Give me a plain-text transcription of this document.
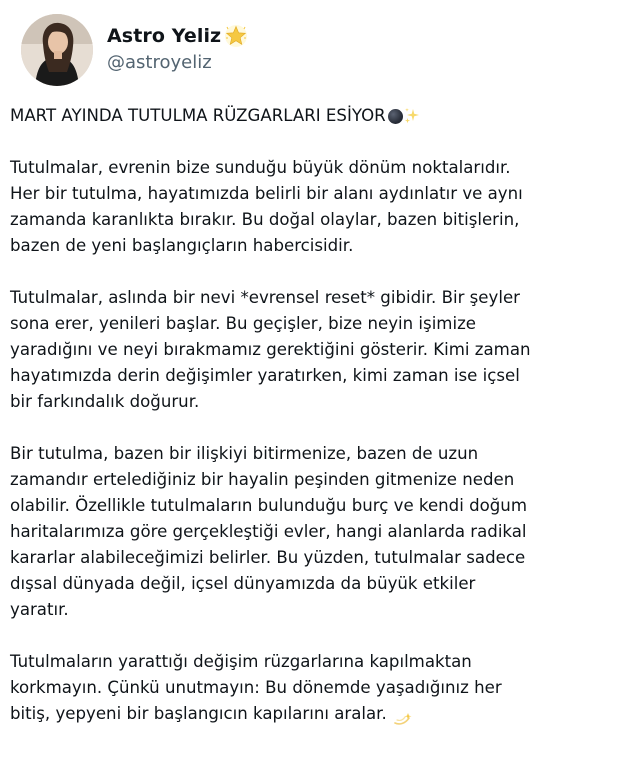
Astro Yeliz
@astroyeliz
MART AYINDA TUTULMA RÜZGARLARI ESİYOR
Tutulmalar, evrenin bize sunduğu büyük dönüm noktalarıdır.
Her bir tutulma, hayatımızda belirli bir alanı aydınlatır ve aynı
zamanda karanlıkta bırakır. Bu doğal olaylar, bazen bitişlerin,
bazen de yeni başlangıçların habercisidir.
Tutulmalar, aslında bir nevi *evrensel reset* gibidir. Bir şeyler
sona erer, yenileri başlar. Bu geçişler, bize neyin işimize
yaradığını ve neyi bırakmamız gerektiğini gösterir. Kimi zaman
hayatımızda derin değişimler yaratırken, kimi zaman ise içsel
bir farkındalık doğurur.
Bir tutulma, bazen bir ilişkiyi bitirmenize, bazen de uzun
zamandır ertelediğiniz bir hayalin peşinden gitmenize neden
olabilir. Özellikle tutulmaların bulunduğu burç ve kendi doğum
haritalarımıza göre gerçekleştiği evler, hangi alanlarda radikal
kararlar alabileceğimizi belirler. Bu yüzden, tutulmalar sadece
dışsal dünyada değil, içsel dünyamızda da büyük etkiler
yaratır.
Tutulmaların yarattığı değişim rüzgarlarına kapılmaktan
korkmayın. Çünkü unutmayın: Bu dönemde yaşadığınız her
bitiş, yepyeni bir başlangıcın kapılarını aralar.
